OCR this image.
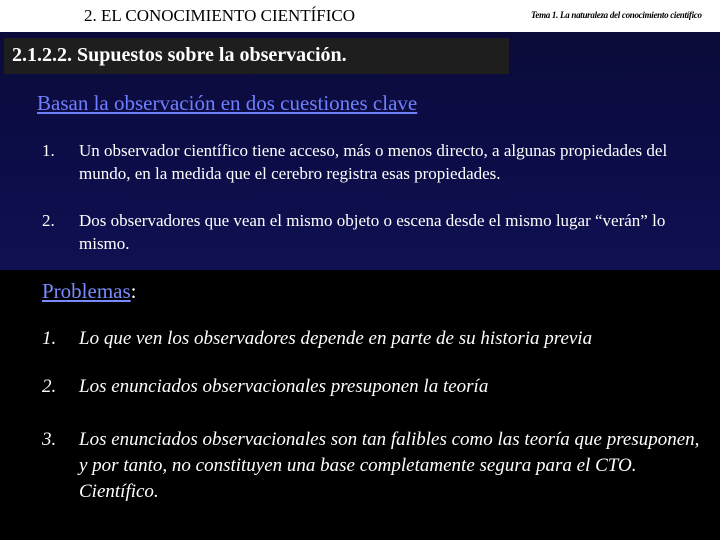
2. EL CONOCIMIENTO CIENTÍFICO	Tema 1. La naturaleza del conocimiento científico
2.1.2.2. Supuestos sobre la observación.
Basan la observación en dos cuestiones clave
1. Un observador científico tiene acceso, más o menos directo, a algunas propiedades del mundo, en la medida que el cerebro registra esas propiedades.
2. Dos observadores que vean el mismo objeto o escena desde el mismo lugar “verán” lo mismo.
Problemas:
1. Lo que ven los observadores depende en parte de su historia previa
2. Los enunciados observacionales presuponen la teoría
3. Los enunciados observacionales son tan falibles como las teoría que presuponen, y por tanto, no constituyen una base completamente segura para el CTO. Científico.
